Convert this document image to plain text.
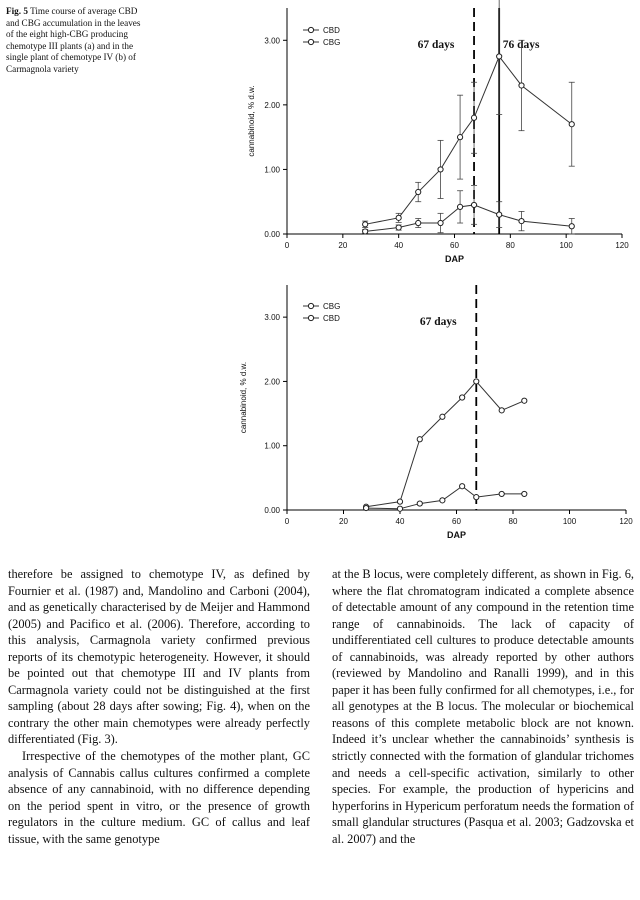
Fig. 5 Time course of average CBD and CBG accumulation in the leaves of the eight high-CBG producing chemotype III plants (a) and in the single plant of chemotype IV (b) of Carmagnola variety
0.00
1.00
2.00
3.00
0	20	40	60	80	100	120
DAP
cannabinoid, % d.w.
67 days	76 days
CBD
CBG
0.00
1.00
2.00
3.00
0	20	40	60	80	100	120
DAP
cannabinoid, % d.w.
67 days
CBG
CBD

therefore be assigned to chemotype IV, as defined by Fournier et al. (1987) and, Mandolino and Carboni (2004), and as genetically characterised by de Meijer and Hammond (2005) and Pacifico et al. (2006). Therefore, according to this analysis, Carmagnola variety confirmed previous reports of its chemotypic heterogeneity. However, it should be pointed out that chemotype III and IV plants from Carmagnola variety could not be distinguished at the first sampling (about 28 days after sowing; Fig. 4), when on the contrary the other main chemotypes were already perfectly differentiated (Fig. 3).

Irrespective of the chemotypes of the mother plant, GC analysis of Cannabis callus cultures confirmed a complete absence of any cannabinoid, with no difference depending on the period spent in vitro, or the presence of growth regulators in the culture medium. GC of callus and leaf tissue, with the same genotype

at the B locus, were completely different, as shown in Fig. 6, where the flat chromatogram indicated a complete absence of detectable amount of any compound in the retention time range of cannabinoids. The lack of capacity of undifferentiated cell cultures to produce detectable amounts of cannabinoids, was already reported by other authors (reviewed by Mandolino and Ranalli 1999), and in this paper it has been fully confirmed for all chemotypes, i.e., for all genotypes at the B locus. The molecular or biochemical reasons of this complete metabolic block are not known. Indeed it’s unclear whether the cannabinoids’ synthesis is strictly connected with the formation of glandular trichomes and needs a cell-specific activation, similarly to other species. For example, the production of hypericins and hyperforins in Hypericum perforatum needs the formation of small glandular structures (Pasqua et al. 2003; Gadzovska et al. 2007) and the
